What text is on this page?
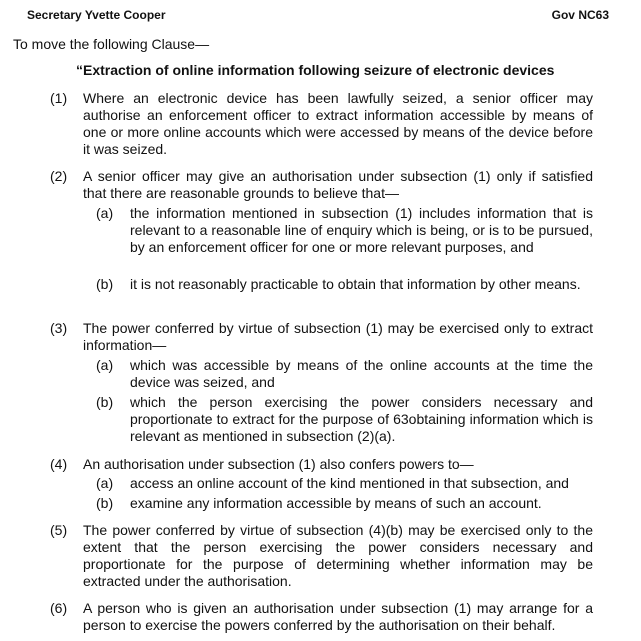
Secretary Yvette Cooper	Gov NC63
To move the following Clause—
“Extraction of online information following seizure of electronic devices
(1) Where an electronic device has been lawfully seized, a senior officer may authorise an enforcement officer to extract information accessible by means of one or more online accounts which were accessed by means of the device before it was seized.

(2) A senior officer may give an authorisation under subsection (1) only if satisfied that there are reasonable grounds to believe that—

(a) the information mentioned in subsection (1) includes information that is relevant to a reasonable line of enquiry which is being, or is to be pursued, by an enforcement officer for one or more relevant purposes, and

(b) it is not reasonably practicable to obtain that information by other means.

(3) The power conferred by virtue of subsection (1) may be exercised only to extract information—

(a) which was accessible by means of the online accounts at the time the device was seized, and

(b) which the person exercising the power considers necessary and proportionate to extract for the purpose of 63obtaining information which is relevant as mentioned in subsection (2)(a).

(4) An authorisation under subsection (1) also confers powers to—

(a) access an online account of the kind mentioned in that subsection, and

(b) examine any information accessible by means of such an account.

(5) The power conferred by virtue of subsection (4)(b) may be exercised only to the extent that the person exercising the power considers necessary and proportionate for the purpose of determining whether information may be extracted under the authorisation.

(6) A person who is given an authorisation under subsection (1) may arrange for a person to exercise the powers conferred by the authorisation on their behalf.
